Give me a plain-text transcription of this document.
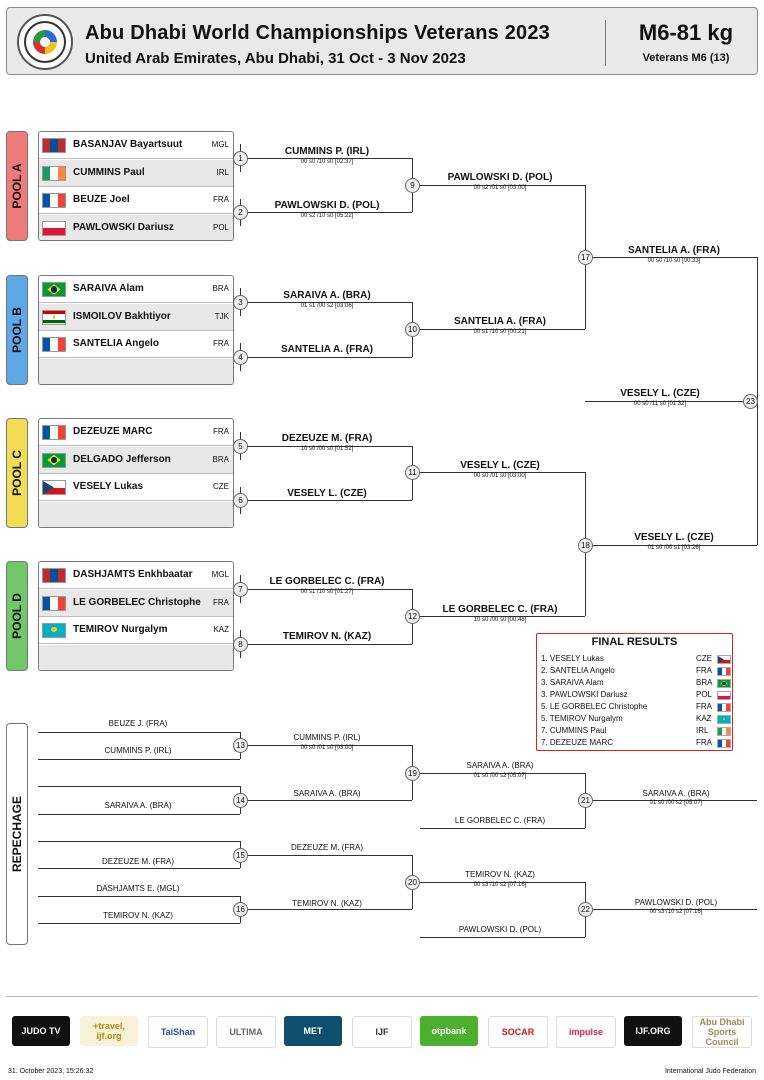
Abu Dhabi World Championships Veterans 2023
United Arab Emirates, Abu Dhabi, 31 Oct - 3 Nov 2023
M6-81 kg
Veterans M6 (13)
POOL A
BASANJAV Bayartsuut	MGL
CUMMINS Paul	IRL
BEUZE Joel	FRA
PAWLOWSKI Dariusz	POL
POOL B
SARAIVA Alam	BRA
ISMOILOV Bakhtiyor	TJK
SANTELIA Angelo	FRA
POOL C
DEZEUZE MARC	FRA
DELGADO Jefferson	BRA
VESELY Lukas	CZE
POOL D
DASHJAMTS Enkhbaatar MGL
LE GORBELEC Christophe FRA
TEMIROV Nurgalym	KAZ
REPECHAGE
1
2
3
4
5
6
7
8
9
10
11
12
17
18
23
13
14
15
16
19
20
21
22
CUMMINS P. (IRL)
00 s0 /10 s0 [02:37]
PAWLOWSKI D. (POL)
00 s2 /10 s0 [05:22]
SARAIVA A. (BRA)
01 s1 /00 s2 [03:06]
SANTELIA A. (FRA)
DEZEUZE M. (FRA)
10 s0 /00 s0 [01:52]
VESELY L. (CZE)
LE GORBELEC C. (FRA)
00 s1 /10 s0 [01:27]
TEMIROV N. (KAZ)
PAWLOWSKI D. (POL)
00 s2 /01 s0 [03:00]
SANTELIA A. (FRA)
00 s1 /10 s0 [00:21]
VESELY L. (CZE)
00 s0 /01 s0 [03:00]
LE GORBELEC C. (FRA)
10 s0 /00 s0 [00:48]
SANTELIA A. (FRA)
00 s0 /10 s0 [00:33]
VESELY L. (CZE)
01 s0 /00 s1 [03:26]
VESELY L. (CZE)
00 s0 /11 s0 [01:32]
BEUZE J. (FRA)
CUMMINS P. (IRL)
SARAIVA A. (BRA)
DEZEUZE M. (FRA)
DASHJAMTS E. (MGL)
TEMIROV N. (KAZ)
CUMMINS P. (IRL)
00 s0 /01 s0 [03:00]
SARAIVA A. (BRA)
DEZEUZE M. (FRA)
TEMIROV N. (KAZ)
SARAIVA A. (BRA)
01 s0 /00 s2 [05:07]
TEMIROV N. (KAZ)
00 s3 /10 s2 [07:16]
LE GORBELEC C. (FRA)
PAWLOWSKI D. (POL)
SARAIVA A. (BRA)
01 s0 /00 s2 [05:07]
PAWLOWSKI D. (POL)
00 s3 /10 s2 [07:16]
FINAL RESULTS
1. VESELY Lukas	CZE
2. SANTELIA Angelo	FRA
3. SARAIVA Alam	BRA
3. PAWLOWSKI Dariusz	POL
5. LE GORBELEC Christophe	FRA
5. TEMIROV Nurgalym	KAZ
7. CUMMINS Paul	IRL
7. DEZEUZE MARC	FRA
JUDO TV	+travel, ijf.org	TaiShan	ULTIMA	MET	IJF	otpbank	SOCAR	impulse	IJF.ORG
Abu Dhabi Sports Council
31. October 2023, 15:26:32	International Judo Federation
